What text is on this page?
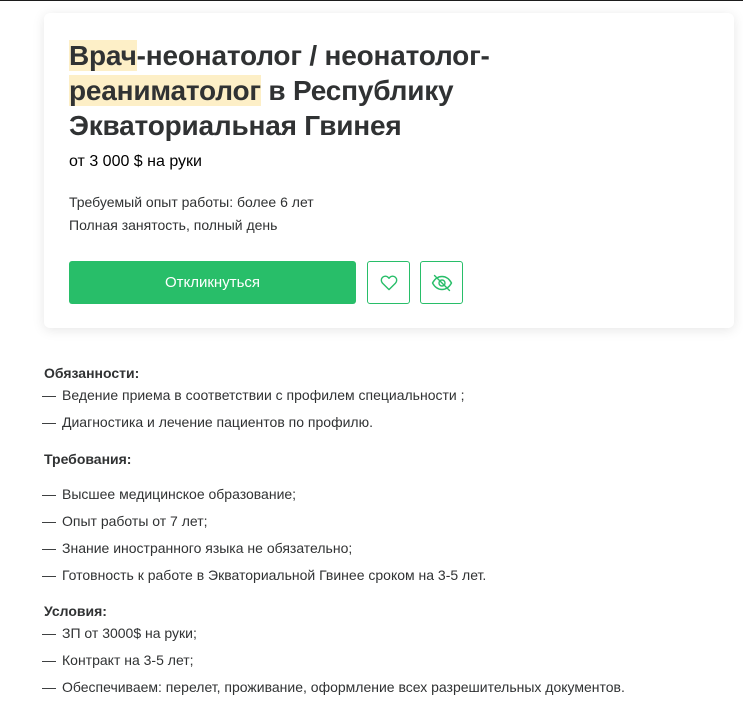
Врач-неонатолог / неонатолог-
реаниматолог в Республику Экваториальная Гвинея
от 3 000 $ на руки
Требуемый опыт работы: более 6 лет
Полная занятость, полный день
Откликнуться

Обязанности:

— Ведение приема в соответствии с профилем специальности ;
— Диагностика и лечение пациентов по профилю.

Требования:

— Высшее медицинское образование;
— Опыт работы от 7 лет;
— Знание иностранного языка не обязательно;
— Готовность к работе в Экваториальной Гвинее сроком на 3-5 лет.

Условия:

— ЗП от 3000$ на руки;
— Контракт на 3-5 лет;
— Обеспечиваем: перелет, проживание, оформление всех разрешительных документов.
